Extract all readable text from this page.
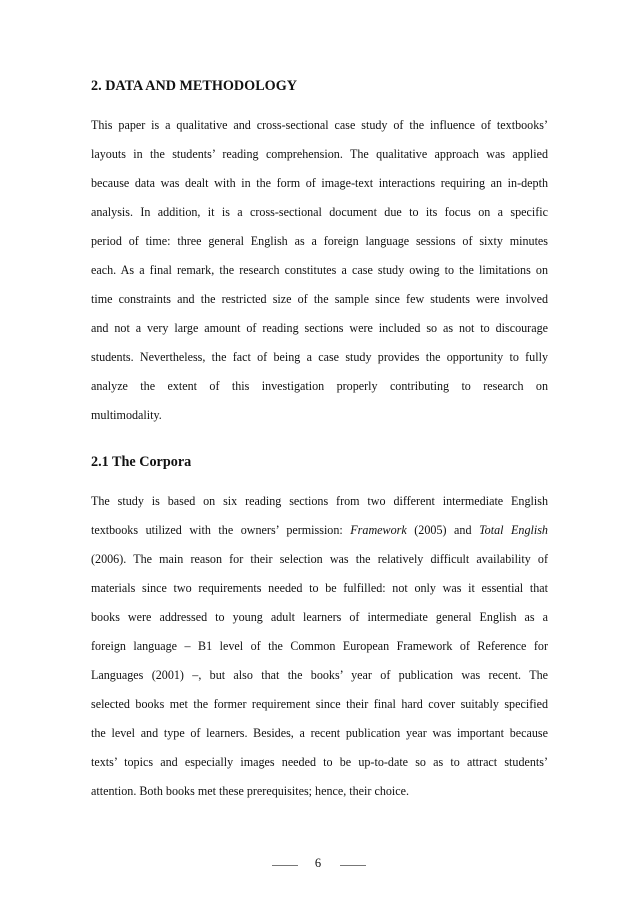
2. DATA AND METHODOLOGY
This paper is a qualitative and cross-sectional case study of the influence of textbooks’
layouts in the students’ reading comprehension. The qualitative approach was applied
because data was dealt with in the form of image-text interactions requiring an in-depth
analysis. In addition, it is a cross-sectional document due to its focus on a specific
period of time: three general English as a foreign language sessions of sixty minutes
each. As a final remark, the research constitutes a case study owing to the limitations on
time constraints and the restricted size of the sample since few students were involved
and not a very large amount of reading sections were included so as not to discourage
students. Nevertheless, the fact of being a case study provides the opportunity to fully
analyze the extent of this investigation properly contributing to research on
multimodality.
2.1 The Corpora
The study is based on six reading sections from two different intermediate English
textbooks utilized with the owners’ permission: Framework (2005) and Total English
(2006). The main reason for their selection was the relatively difficult availability of
materials since two requirements needed to be fulfilled: not only was it essential that
books were addressed to young adult learners of intermediate general English as a
foreign language – B1 level of the Common European Framework of Reference for
Languages (2001) –, but also that the books’ year of publication was recent. The
selected books met the former requirement since their final hard cover suitably specified
the level and type of learners. Besides, a recent publication year was important because
texts’ topics and especially images needed to be up-to-date so as to attract students’
attention. Both books met these prerequisites; hence, their choice.
6
